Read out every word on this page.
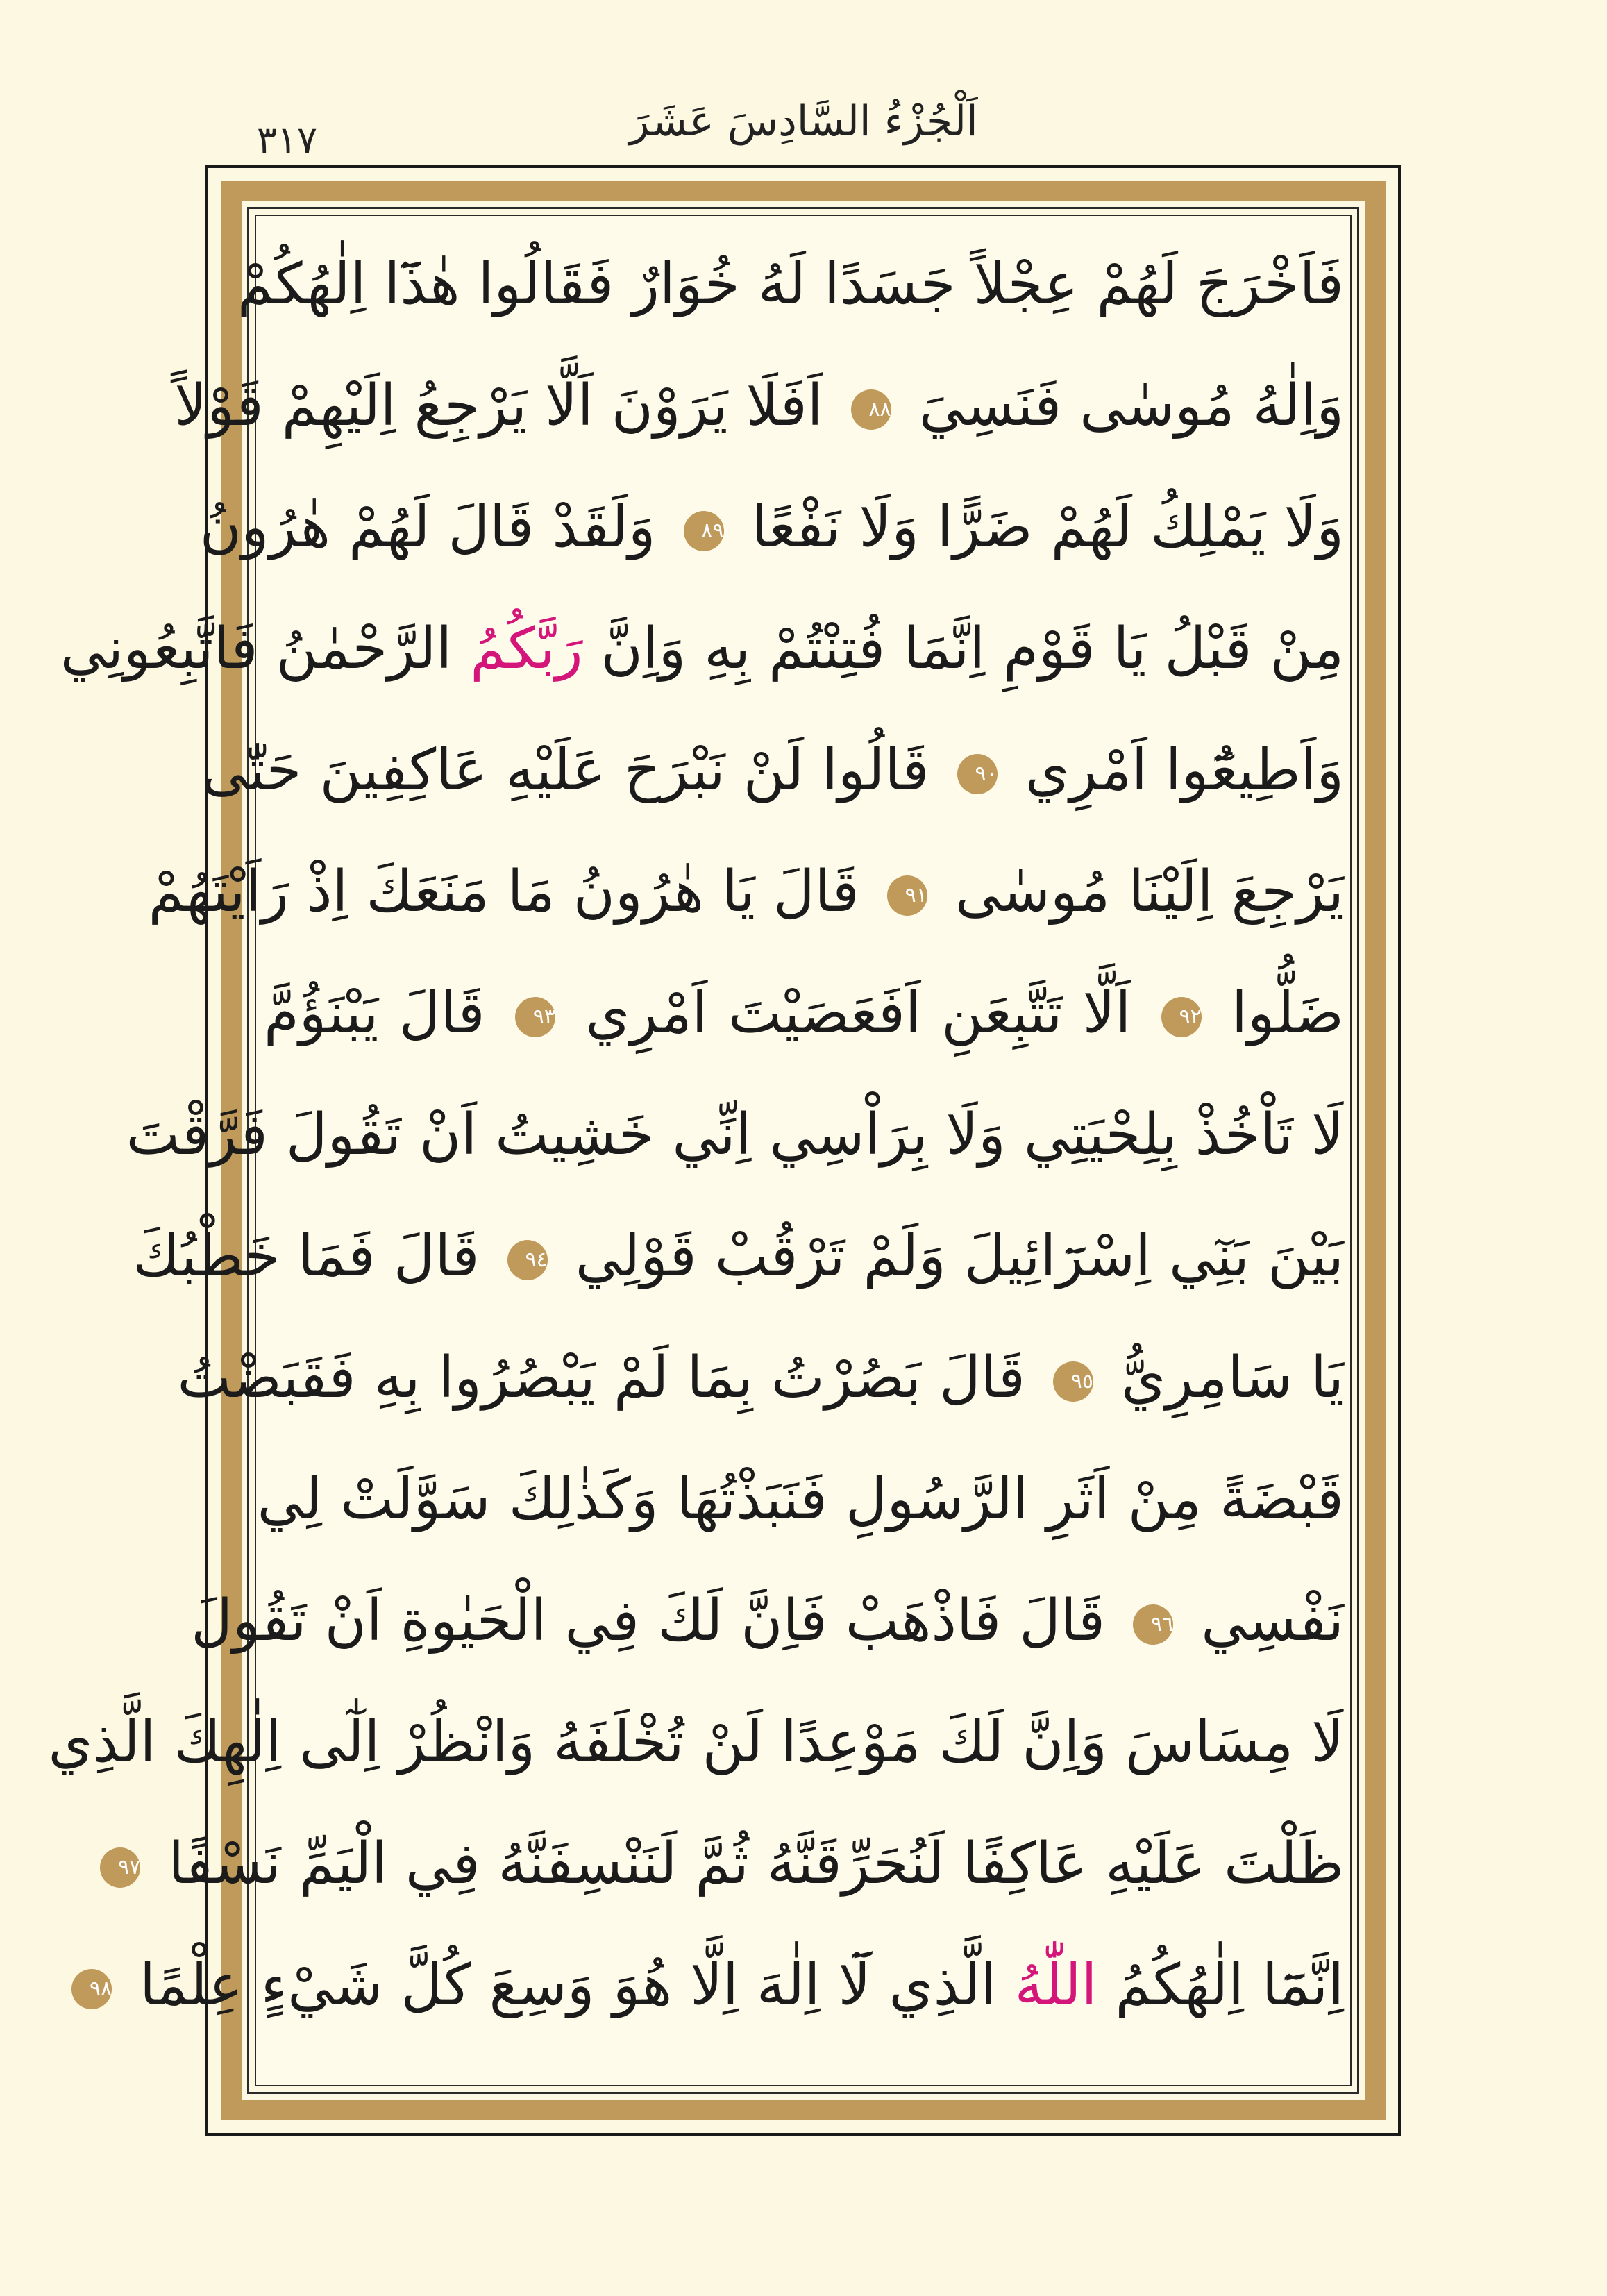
٣١٧	اَلْجُزْءُ السَّادِسَ عَشَرَ
فَاَخْرَجَ لَهُمْ عِجْلاً جَسَدًا لَهُ خُوَارٌ فَقَالُوا هٰذَٓا اِلٰهُكُمْ
وَاِلٰهُ مُوسٰى فَنَسِيَ ٨٨ اَفَلَا يَرَوْنَ اَلَّا يَرْجِعُ اِلَيْهِمْ قَوْلاً
وَلَا يَمْلِكُ لَهُمْ ضَرًّا وَلَا نَفْعًا ٨٩ وَلَقَدْ قَالَ لَهُمْ هٰرُونُ
مِنْ قَبْلُ يَا قَوْمِ اِنَّمَا فُتِنْتُمْ بِهِ وَاِنَّ رَبَّكُمُ الرَّحْمٰنُ فَاتَّبِعُونِي
وَاَطِيعُٓوا اَمْرِي ٩٠ قَالُوا لَنْ نَبْرَحَ عَلَيْهِ عَاكِفِينَ حَتّٰى
يَرْجِعَ اِلَيْنَا مُوسٰى ٩١ قَالَ يَا هٰرُونُ مَا مَنَعَكَ اِذْ رَاَيْتَهُمْ
ضَلُّوا ٩٢ اَلَّا تَتَّبِعَنِ اَفَعَصَيْتَ اَمْرِي ٩٣ قَالَ يَبْنَؤُمَّ
لَا تَاْخُذْ بِلِحْيَتِي وَلَا بِرَاْسِي اِنِّي خَشِيتُ اَنْ تَقُولَ فَرَّقْتَ
بَيْنَ بَنِٓي اِسْرَٓائِيلَ وَلَمْ تَرْقُبْ قَوْلِي ٩٤ قَالَ فَمَا خَطْبُكَ
يَا سَامِرِيُّ ٩٥ قَالَ بَصُرْتُ بِمَا لَمْ يَبْصُرُوا بِهِ فَقَبَضْتُ
قَبْضَةً مِنْ اَثَرِ الرَّسُولِ فَنَبَذْتُهَا وَكَذٰلِكَ سَوَّلَتْ لِي
نَفْسِي ٩٦ قَالَ فَاذْهَبْ فَاِنَّ لَكَ فِي الْحَيٰوةِ اَنْ تَقُولَ
لَا مِسَاسَ وَاِنَّ لَكَ مَوْعِدًا لَنْ تُخْلَفَهُ وَانْظُرْ اِلٰٓى اِلٰهِكَ الَّذِي
ظَلْتَ عَلَيْهِ عَاكِفًا لَنُحَرِّقَنَّهُ ثُمَّ لَنَنْسِفَنَّهُ فِي الْيَمِّ نَسْفًا ٩٧
اِنَّمَٓا اِلٰهُكُمُ اللّٰهُ الَّذِي لَٓا اِلٰهَ اِلَّا هُوَ وَسِعَ كُلَّ شَيْءٍ عِلْمًا ٩٨
